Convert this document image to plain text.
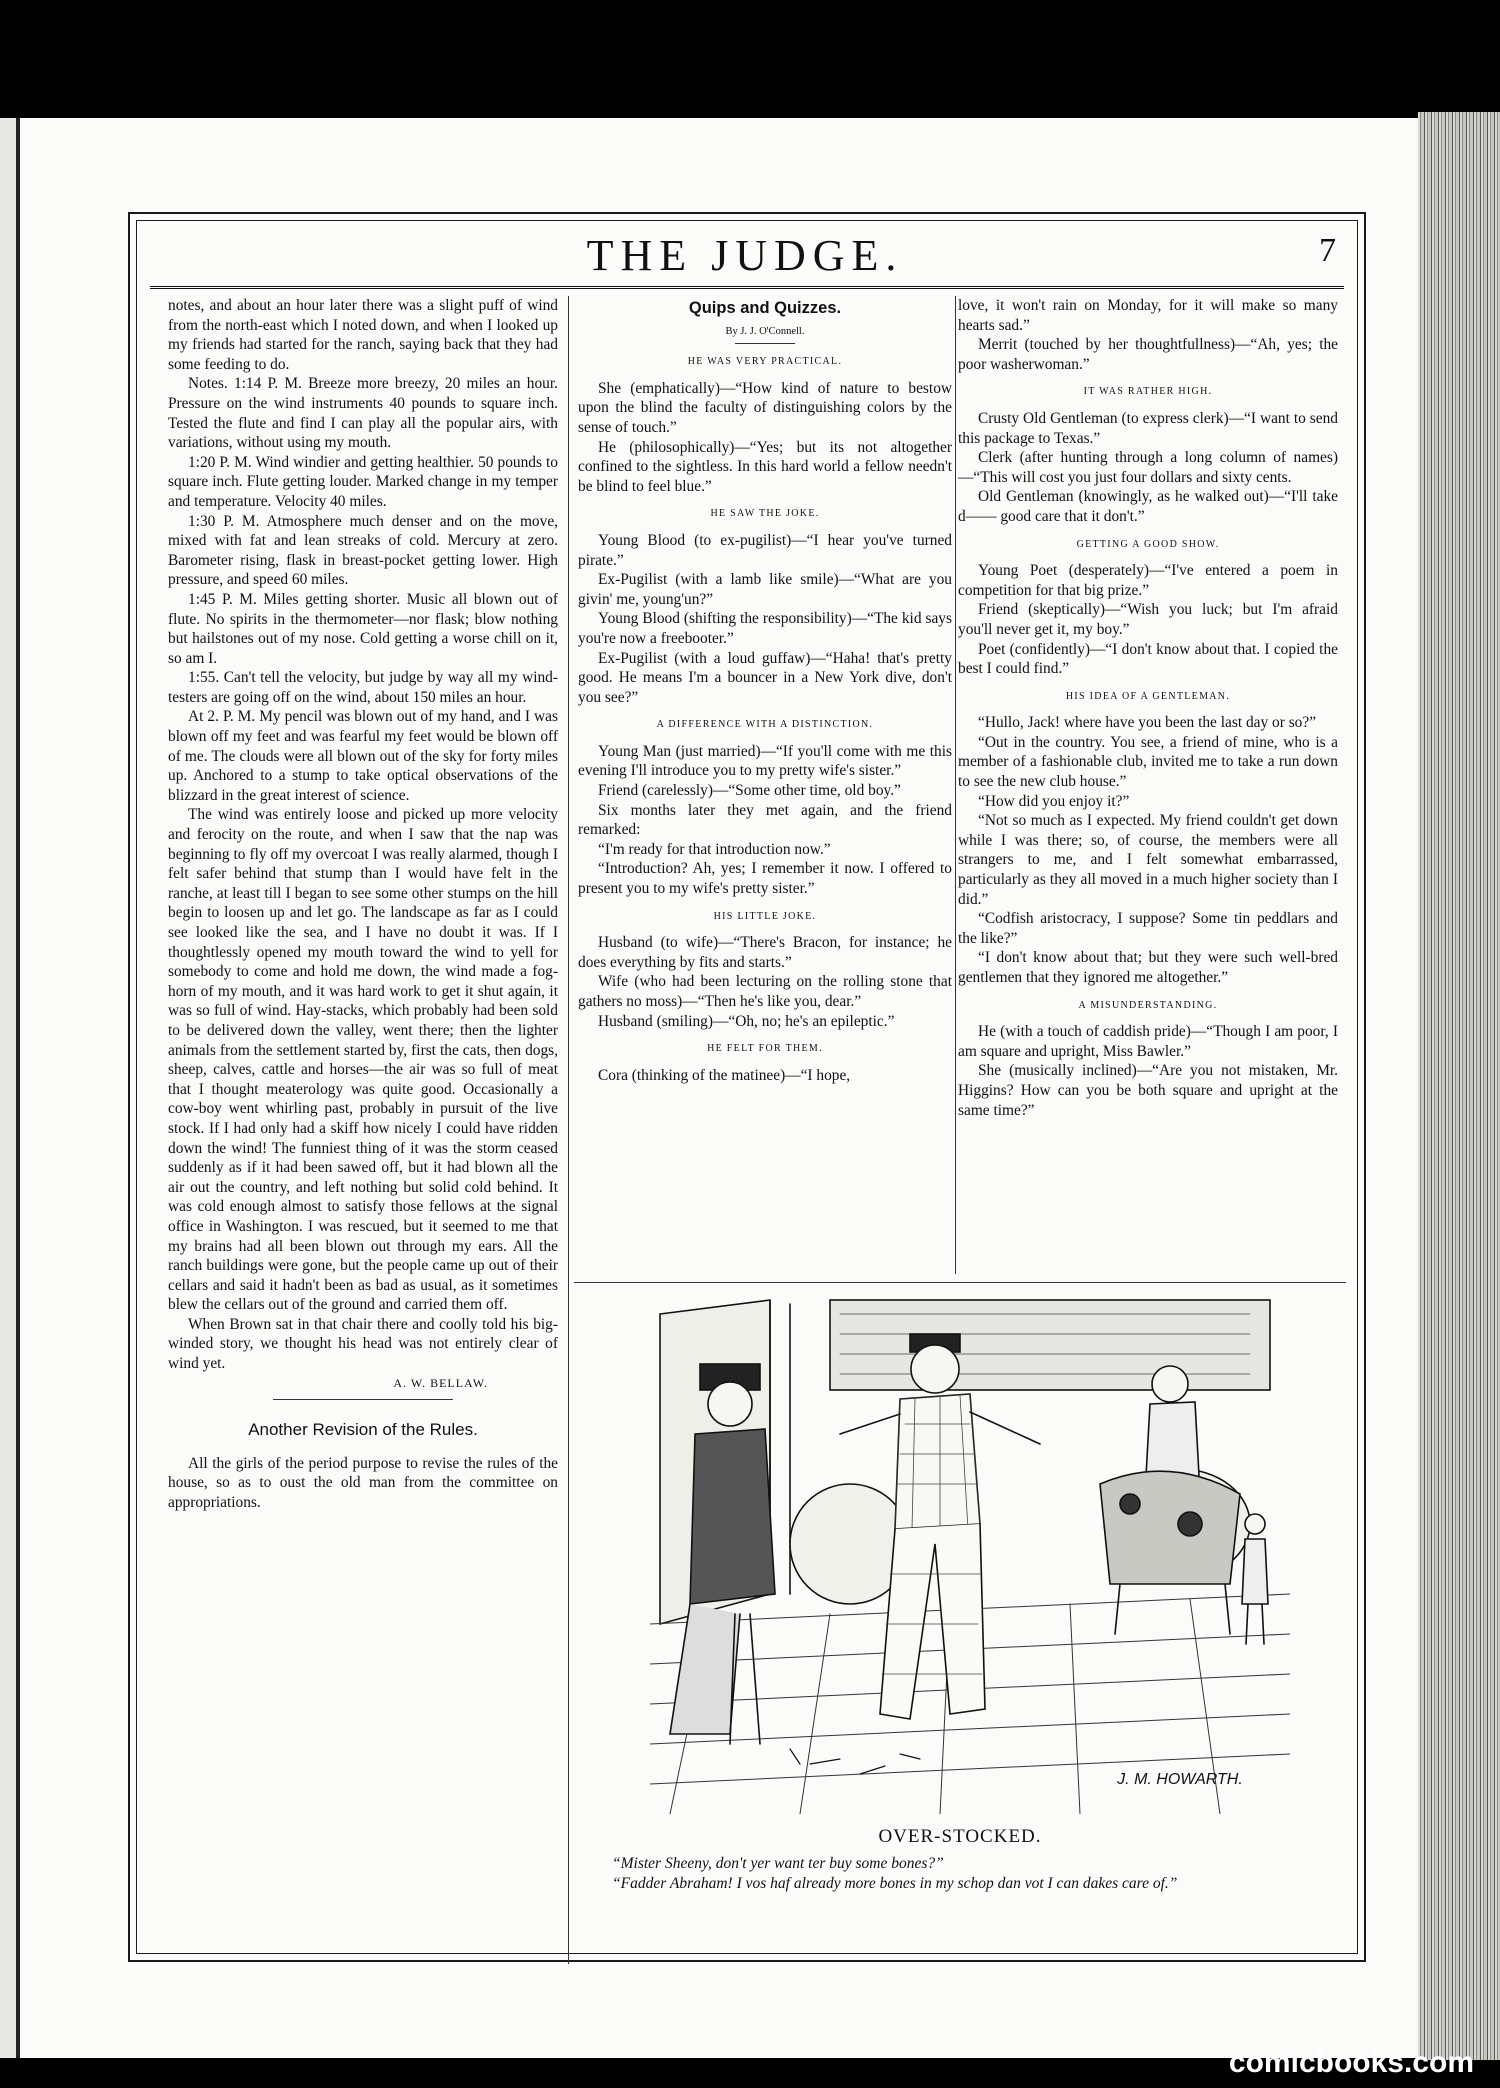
THE JUDGE.	7

notes, and about an hour later there was a slight puff of wind from the north-east which I noted down, and when I looked up my friends had started for the ranch, saying back that they had some feeding to do.

Notes. 1:14 P. M. Breeze more breezy, 20 miles an hour. Pressure on the wind instruments 40 pounds to square inch. Tested the flute and find I can play all the popular airs, with variations, without using my mouth.

1:20 P. M. Wind windier and getting healthier. 50 pounds to square inch. Flute getting louder. Marked change in my temper and temperature. Velocity 40 miles.

1:30 P. M. Atmosphere much denser and on the move, mixed with fat and lean streaks of cold. Mercury at zero. Barometer rising, flask in breast-pocket getting lower. High pressure, and speed 60 miles.

1:45 P. M. Miles getting shorter. Music all blown out of flute. No spirits in the thermometer—nor flask; blow nothing but hailstones out of my nose. Cold getting a worse chill on it, so am I.

1:55. Can't tell the velocity, but judge by way all my wind-testers are going off on the wind, about 150 miles an hour.

At 2. P. M. My pencil was blown out of my hand, and I was blown off my feet and was fearful my feet would be blown off of me. The clouds were all blown out of the sky for forty miles up. Anchored to a stump to take optical observations of the blizzard in the great interest of science.

The wind was entirely loose and picked up more velocity and ferocity on the route, and when I saw that the nap was beginning to fly off my overcoat I was really alarmed, though I felt safer behind that stump than I would have felt in the ranche, at least till I began to see some other stumps on the hill begin to loosen up and let go. The landscape as far as I could see looked like the sea, and I have no doubt it was. If I thoughtlessly opened my mouth toward the wind to yell for somebody to come and hold me down, the wind made a fog-horn of my mouth, and it was hard work to get it shut again, it was so full of wind. Hay-stacks, which probably had been sold to be delivered down the valley, went there; then the lighter animals from the settlement started by, first the cats, then dogs, sheep, calves, cattle and horses—the air was so full of meat that I thought meaterology was quite good. Occasionally a cow-boy went whirling past, probably in pursuit of the live stock. If I had only had a skiff how nicely I could have ridden down the wind! The funniest thing of it was the storm ceased suddenly as if it had been sawed off, but it had blown all the air out the country, and left nothing but solid cold behind. It was cold enough almost to satisfy those fellows at the signal office in Washington. I was rescued, but it seemed to me that my brains had all been blown out through my ears. All the ranch buildings were gone, but the people came up out of their cellars and said it hadn't been as bad as usual, as it sometimes blew the cellars out of the ground and carried them off.

When Brown sat in that chair there and coolly told his big-winded story, we thought his head was not entirely clear of wind yet.

A. W. BELLAW.
Another Revision of the Rules.

All the girls of the period purpose to revise the rules of the house, so as to oust the old man from the committee on appropriations.

Quips and Quizzes.
By J. J. O'Connell.
HE WAS VERY PRACTICAL.

She (emphatically)—“How kind of nature to bestow upon the blind the faculty of distinguishing colors by the sense of touch.”

He (philosophically)—“Yes; but its not altogether confined to the sightless. In this hard world a fellow needn't be blind to feel blue.”

HE SAW THE JOKE.

Young Blood (to ex-pugilist)—“I hear you've turned pirate.”

Ex-Pugilist (with a lamb like smile)—“What are you givin' me, young'un?”

Young Blood (shifting the responsibility)—“The kid says you're now a freebooter.”

Ex-Pugilist (with a loud guffaw)—“Haha! that's pretty good. He means I'm a bouncer in a New York dive, don't you see?”

A DIFFERENCE WITH A DISTINCTION.

Young Man (just married)—“If you'll come with me this evening I'll introduce you to my pretty wife's sister.”

Friend (carelessly)—“Some other time, old boy.”

Six months later they met again, and the friend remarked:

“I'm ready for that introduction now.”

“Introduction? Ah, yes; I remember it now. I offered to present you to my wife's pretty sister.”

HIS LITTLE JOKE.

Husband (to wife)—“There's Bracon, for instance; he does everything by fits and starts.”

Wife (who had been lecturing on the rolling stone that gathers no moss)—“Then he's like you, dear.”

Husband (smiling)—“Oh, no; he's an epileptic.”

HE FELT FOR THEM.

Cora (thinking of the matinee)—“I hope,

love, it won't rain on Monday, for it will make so many hearts sad.”

Merrit (touched by her thoughtfullness)—“Ah, yes; the poor washerwoman.”

IT WAS RATHER HIGH.

Crusty Old Gentleman (to express clerk)—“I want to send this package to Texas.”

Clerk (after hunting through a long column of names)—“This will cost you just four dollars and sixty cents.

Old Gentleman (knowingly, as he walked out)—“I'll take d—— good care that it don't.”

GETTING A GOOD SHOW.

Young Poet (desperately)—“I've entered a poem in competition for that big prize.”

Friend (skeptically)—“Wish you luck; but I'm afraid you'll never get it, my boy.”

Poet (confidently)—“I don't know about that. I copied the best I could find.”

HIS IDEA OF A GENTLEMAN.

“Hullo, Jack! where have you been the last day or so?”

“Out in the country. You see, a friend of mine, who is a member of a fashionable club, invited me to take a run down to see the new club house.”

“How did you enjoy it?”

“Not so much as I expected. My friend couldn't get down while I was there; so, of course, the members were all strangers to me, and I felt somewhat embarrassed, particularly as they all moved in a much higher society than I did.”

“Codfish aristocracy, I suppose? Some tin peddlars and the like?”

“I don't know about that; but they were such well-bred gentlemen that they ignored me altogether.”

A MISUNDERSTANDING.

He (with a touch of caddish pride)—“Though I am poor, I am square and upright, Miss Bawler.”

She (musically inclined)—“Are you not mistaken, Mr. Higgins? How can you be both square and upright at the same time?”

J. M. HOWARTH.
OVER-STOCKED.

“Mister Sheeny, don't yer want ter buy some bones?”

“Fadder Abraham! I vos haf already more bones in my schop dan vot I can dakes care of.”

comicbooks.com
